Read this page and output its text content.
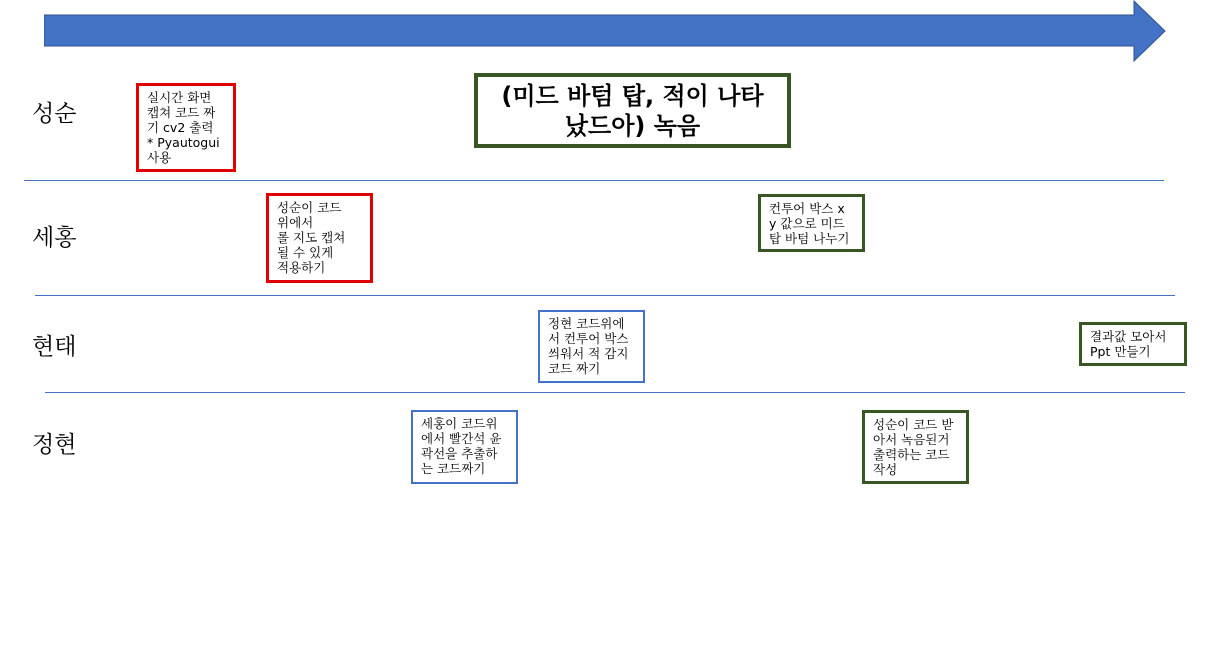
성순
세홍
현태
정현
(미드 바텀 탑, 적이 나타
났드아) 녹음
실시간 화면
캡쳐 코드 짜
기 cv2 출력
* Pyautogui
사용
성순이 코드
위에서
롤 지도 캡쳐
될 수 있게
적용하기
컨투어 박스 x
y 값으로 미드
탑 바텀 나누기
정현 코드위에
서 컨투어 박스
씌워서 적 감지
코드 짜기
결과값 모아서
Ppt 만들기
세홍이 코드위
에서 빨간석 윤
곽선을 추출하
는 코드짜기
성순이 코드 받
아서 녹음된거
출력하는 코드
작성
